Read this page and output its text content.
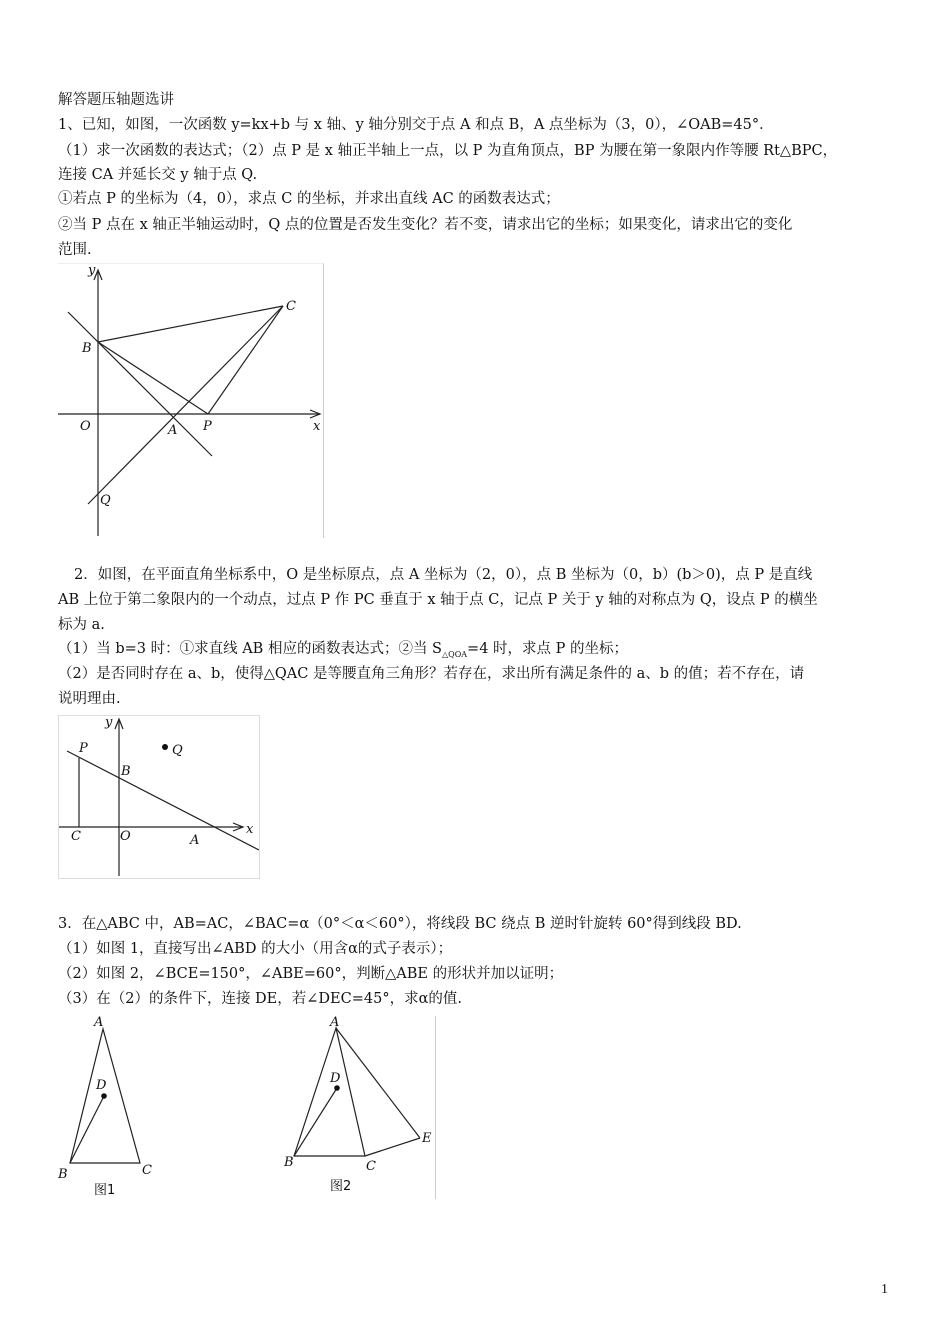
解答题压轴题选讲
1、已知，如图，一次函数 y=kx+b 与 x 轴、y 轴分别交于点 A 和点 B，A 点坐标为（3，0），∠OAB=45°．
（1）求一次函数的表达式；（2）点 P 是 x 轴正半轴上一点，以 P 为直角顶点，BP 为腰在第一象限内作等腰 Rt△BPC，
连接 CA 并延长交 y 轴于点 Q.
①若点 P 的坐标为（4，0），求点 C 的坐标，并求出直线 AC 的函数表达式；
②当 P 点在 x 轴正半轴运动时，Q 点的位置是否发生变化？若不变，请求出它的坐标；如果变化，请求出它的变化
范围.
y
x
B
C
O	A P
Q
2．如图，在平面直角坐标系中，O 是坐标原点，点 A 坐标为（2，0），点 B 坐标为（0，b）(b＞0)，点 P 是直线
AB 上位于第二象限内的一个动点，过点 P 作 PC 垂直于 x 轴于点 C，记点 P 关于 y 轴的对称点为 Q，设点 P 的横坐
标为 a.
（1）当 b=3 时：①求直线 AB 相应的函数表达式；②当 $S_{\triangle QOA}=4$ 时，求点 P 的坐标；
（2）是否同时存在 a、b，使得△QAC 是等腰直角三角形？若存在，求出所有满足条件的 a、b 的值；若不存在，请
说明理由.
y
x
P	Q
B
C	O	A
3．在△ABC 中，AB=AC，∠BAC=α（0°＜α＜60°），将线段 BC 绕点 B 逆时针旋转 60°得到线段 BD.
（1）如图 1，直接写出∠ABD 的大小（用含α的式子表示）；
（2）如图 2，∠BCE=150°，∠ABE=60°，判断△ABE 的形状并加以证明；
（3）在（2）的条件下，连接 DE，若∠DEC=45°，求α的值.
A
D
B	C
图1
A
D
B	C
E
图2
1
